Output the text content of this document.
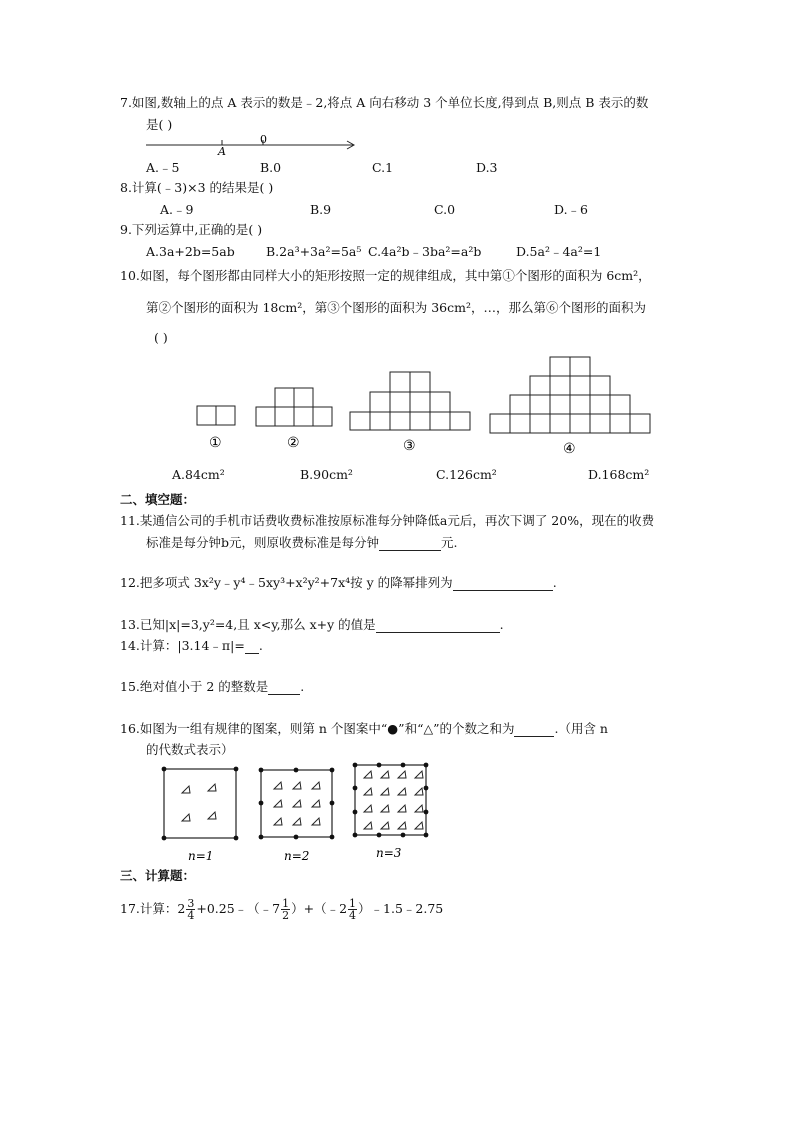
7.如图,数轴上的点 A 表示的数是﹣2,将点 A 向右移动 3 个单位长度,得到点 B,则点 B 表示的数
是( )
A
0
A.﹣5	B.0	C.1	D.3
8.计算(﹣3)×3 的结果是( )
A.﹣9	B.9	C.0	D.﹣6
9.下列运算中,正确的是( )
A.3a+2b=5ab	B.2a³+3a²=5a⁵ C.4a²b﹣3ba²=a²b	D.5a²﹣4a²=1
10.如图，每个图形都由同样大小的矩形按照一定的规律组成，其中第①个图形的面积为 6cm²，
第②个图形的面积为 18cm²，第③个图形的面积为 36cm²，…，那么第⑥个图形的面积为
( )
①	②	③	④
A.84cm²	B.90cm²	C.126cm²	D.168cm²
二、填空题：
11.某通信公司的手机市话费收费标准按原标准每分钟降低a元后，再次下调了 20%，现在的收费
标准是每分钟b元，则原收费标准是每分钟	元.
12.把多项式 3x²y﹣y⁴﹣5xy³+x²y²+7x⁴按 y 的降幂排列为	.
13.已知|x|=3,y²=4,且 x<y,那么 x+y 的值是	.
14.计算：|3.14﹣π|= .
15.绝对值小于 2 的整数是	.
16.如图为一组有规律的图案，则第 n 个图案中“●”和“△”的个数之和为	.（用含 n
的代数式表示）
n=1	n=2	n=3
三、计算题：
17.计算：$2 \frac{3}{4}$ +0.25﹣（﹣7 $\frac{1}{2}$ ）+（﹣2 $\frac{1}{4}$ ）﹣1.5﹣2.75
